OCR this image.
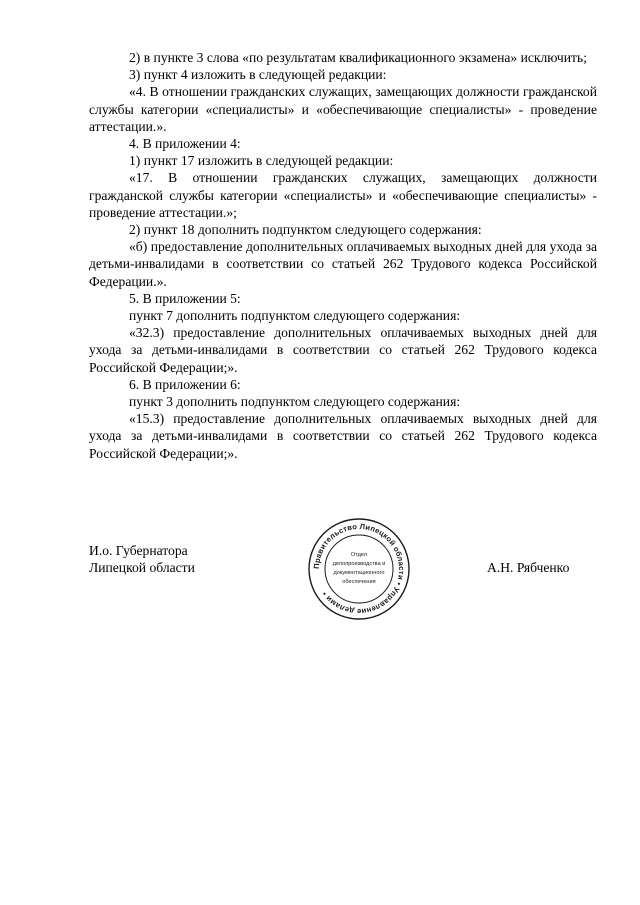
2) в пункте 3 слова «по результатам квалификационного экзамена» исключить;

3) пункт 4 изложить в следующей редакции:

«4. В отношении гражданских служащих, замещающих должности гражданской службы категории «специалисты» и «обеспечивающие специалисты» - проведение аттестации.».

4. В приложении 4:

1) пункт 17 изложить в следующей редакции:

«17. В отношении гражданских служащих, замещающих должности гражданской службы категории «специалисты» и «обеспечивающие специалисты» - проведение аттестации.»;

2) пункт 18 дополнить подпунктом следующего содержания:

«б) предоставление дополнительных оплачиваемых выходных дней для ухода за детьми-инвалидами в соответствии со статьей 262 Трудового кодекса Российской Федерации.».

5. В приложении 5:

пункт 7 дополнить подпунктом следующего содержания:

«32.3) предоставление дополнительных оплачиваемых выходных дней для ухода за детьми-инвалидами в соответствии со статьей 262 Трудового кодекса Российской Федерации;».

6. В приложении 6:

пункт 3 дополнить подпунктом следующего содержания:

«15.3) предоставление дополнительных оплачиваемых выходных дней для ухода за детьми-инвалидами в соответствии со статьей 262 Трудового кодекса Российской Федерации;».

И.о. Губернатора
Липецкой области	А.Н. Рябченко
Правительство Липецкой области • Управление делами •
Отдел
делопроизводства и
документационного
обеспечения
